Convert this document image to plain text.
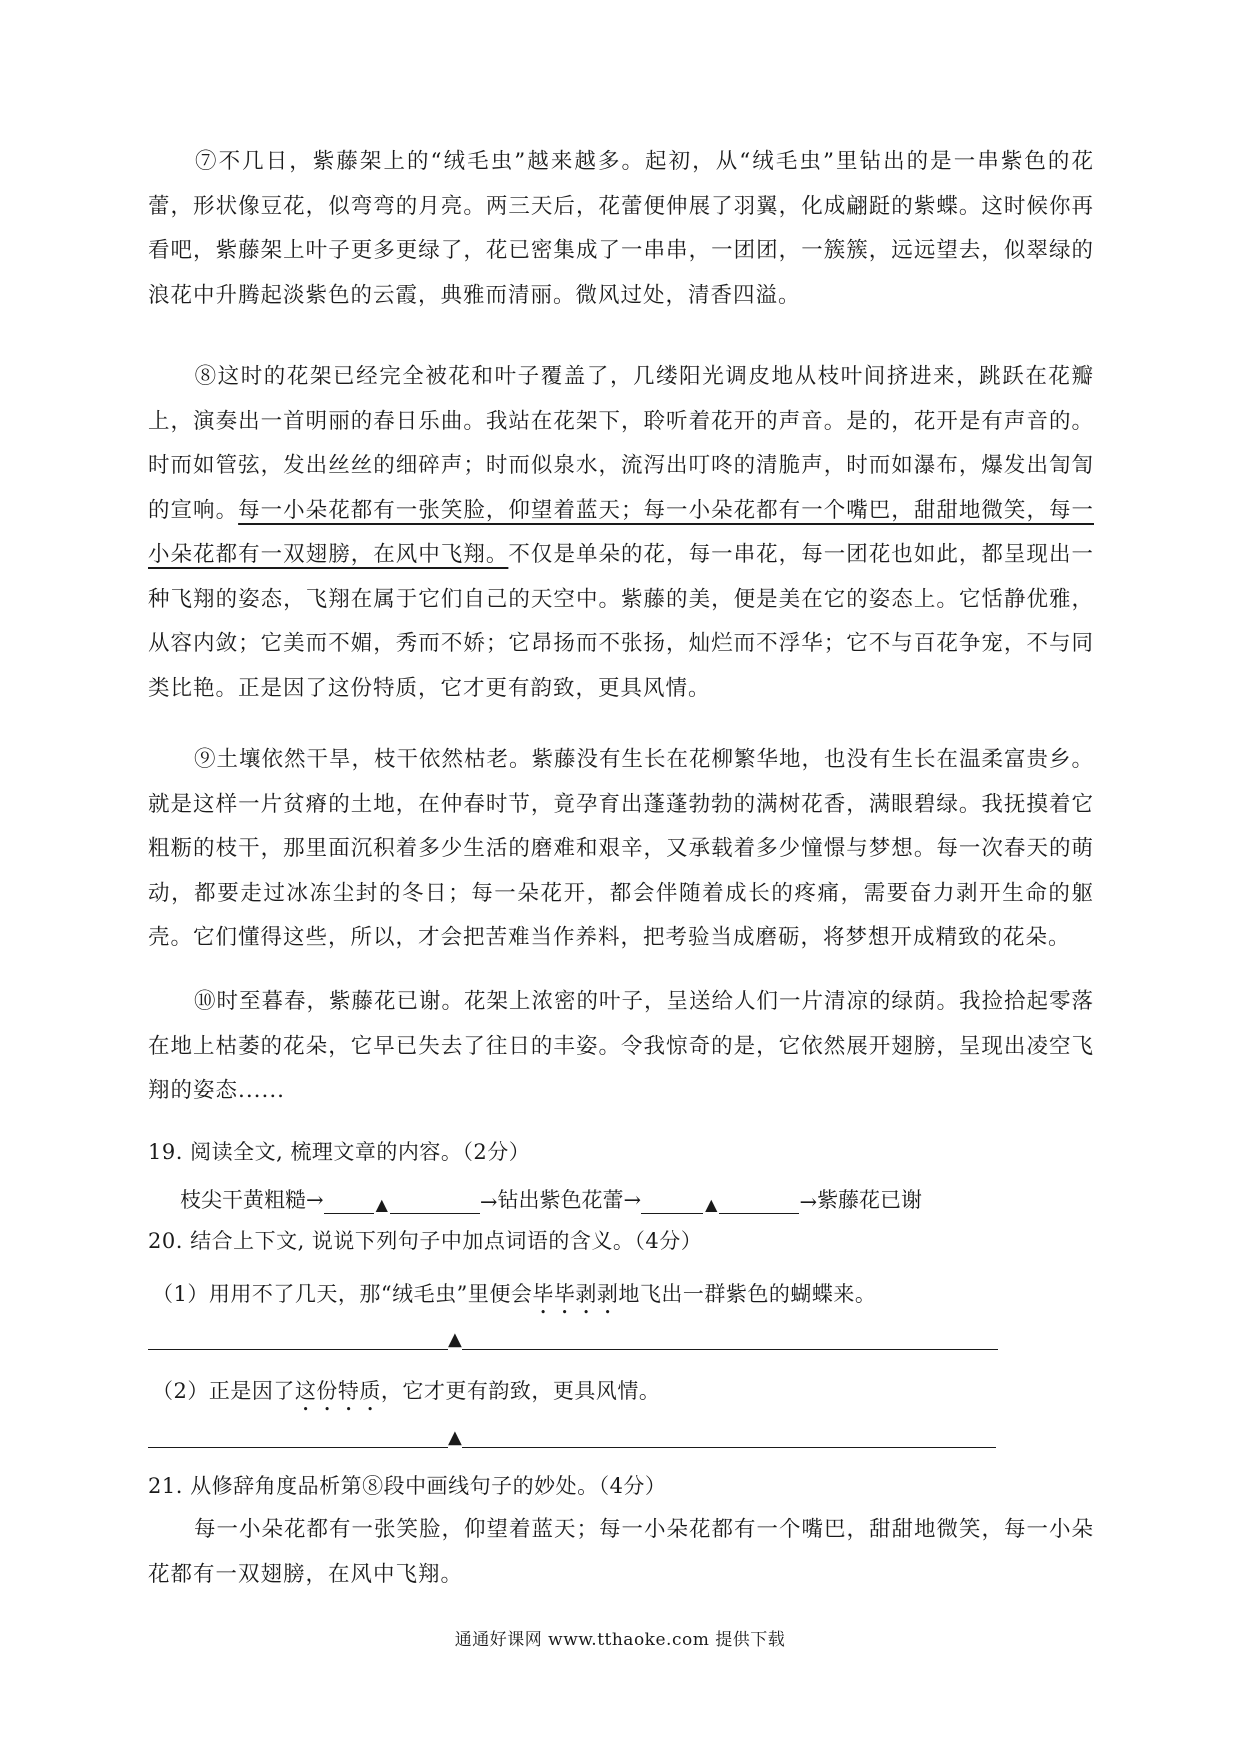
⑦不几日，紫藤架上的“绒毛虫”越来越多。起初，从“绒毛虫”里钻出的是一串紫色的花蕾，形状像豆花，似弯弯的月亮。两三天后，花蕾便伸展了羽翼，化成翩跹的紫蝶。这时候你再看吧，紫藤架上叶子更多更绿了，花已密集成了一串串，一团团，一簇簇，远远望去，似翠绿的浪花中升腾起淡紫色的云霞，典雅而清丽。微风过处，清香四溢。

⑧这时的花架已经完全被花和叶子覆盖了，几缕阳光调皮地从枝叶间挤进来，跳跃在花瓣上，演奏出一首明丽的春日乐曲。我站在花架下，聆听着花开的声音。是的，花开是有声音的。时而如管弦，发出丝丝的细碎声；时而似泉水，流泻出叮咚的清脆声，时而如瀑布，爆发出訇訇的宣响。每一小朵花都有一张笑脸，仰望着蓝天；每一小朵花都有一个嘴巴，甜甜地微笑，每一小朵花都有一双翅膀，在风中飞翔。不仅是单朵的花，每一串花，每一团花也如此，都呈现出一种飞翔的姿态，飞翔在属于它们自己的天空中。紫藤的美，便是美在它的姿态上。它恬静优雅，从容内敛；它美而不媚，秀而不娇；它昂扬而不张扬，灿烂而不浮华；它不与百花争宠，不与同类比艳。正是因了这份特质，它才更有韵致，更具风情。

⑨土壤依然干旱，枝干依然枯老。紫藤没有生长在花柳繁华地，也没有生长在温柔富贵乡。就是这样一片贫瘠的土地，在仲春时节，竟孕育出蓬蓬勃勃的满树花香，满眼碧绿。我抚摸着它粗粝的枝干，那里面沉积着多少生活的磨难和艰辛，又承载着多少憧憬与梦想。每一次春天的萌动，都要走过冰冻尘封的冬日；每一朵花开，都会伴随着成长的疼痛，需要奋力剥开生命的躯壳。它们懂得这些，所以，才会把苦难当作养料，把考验当成磨砺，将梦想开成精致的花朵。

⑩时至暮春，紫藤花已谢。花架上浓密的叶子，呈送给人们一片清凉的绿荫。我捡拾起零落在地上枯萎的花朵，它早已失去了往日的丰姿。令我惊奇的是，它依然展开翅膀，呈现出凌空飞翔的姿态......

19. 阅读全文, 梳理文章的内容。（2分）

枝尖干黄粗糙→	▲	→ 钻出紫色花蕾→	▲	→ 紫藤花已谢

20. 结合上下文, 说说下列句子中加点词语的含义。（4分）

（1）用用不了几天，那“绒毛虫”里便会毕毕剥剥地飞出一群紫色的蝴蝶来。

▲

（2）正是因了这份特质，它才更有韵致，更具风情。

▲

21. 从修辞角度品析第⑧段中画线句子的妙处。（4分）

每一小朵花都有一张笑脸，仰望着蓝天；每一小朵花都有一个嘴巴，甜甜地微笑，每一小朵花都有一双翅膀，在风中飞翔。

通通好课网 www.tthaoke.com 提供下载
